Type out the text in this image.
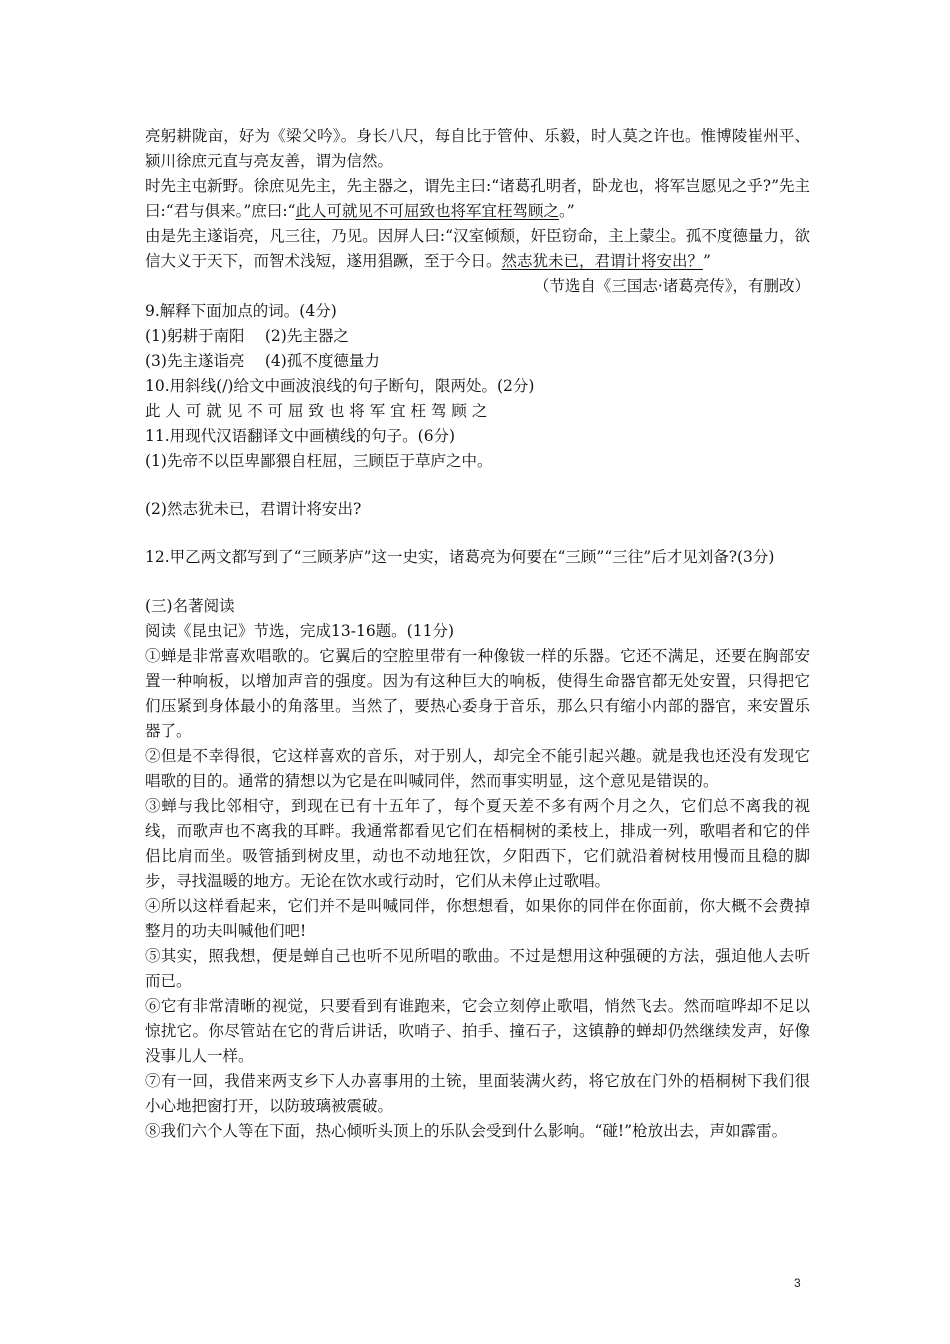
亮躬耕陇亩，好为《梁父吟》。身长八尺，每自比于管仲、乐毅，时人莫之许也。惟博陵崔州平、颍川徐庶元直与亮友善，谓为信然。

时先主屯新野。徐庶见先主，先主器之，谓先主曰:“诸葛孔明者，卧龙也，将军岂愿见之乎?”先主曰:“君与俱来。”庶曰:“此人可就见不可屈致也将军宜枉驾顾之。”

由是先主遂诣亮，凡三往，乃见。因屏人曰:“汉室倾颓，奸臣窃命，主上蒙尘。孤不度德量力，欲信大义于天下，而智术浅短，遂用猖蹶，至于今日。然志犹未已，君谓计将安出？”

（节选自《三国志·诸葛亮传》，有删改）

9.解释下面加点的词。(4分)

(1)躬耕于南阳　 (2)先主器之

(3)先主遂诣亮　 (4)孤不度德量力

10.用斜线(/)给文中画波浪线的句子断句，限两处。(2分)

此 人 可 就 见 不 可 屈 致 也 将 军 宜 枉 驾 顾 之

11.用现代汉语翻译文中画横线的句子。(6分)

(1)先帝不以臣卑鄙猥自枉屈，三顾臣于草庐之中。

(2)然志犹未已，君谓计将安出?

12.甲乙两文都写到了“三顾茅庐”这一史实，诸葛亮为何要在“三顾”“三往”后才见刘备?(3分)

(三)名著阅读

阅读《昆虫记》节选，完成13-16题。(11分)

①蝉是非常喜欢唱歌的。它翼后的空腔里带有一种像钹一样的乐器。它还不满足，还要在胸部安置一种响板，以增加声音的强度。因为有这种巨大的响板，使得生命器官都无处安置，只得把它们压紧到身体最小的角落里。当然了，要热心委身于音乐，那么只有缩小内部的器官，来安置乐器了。

②但是不幸得很，它这样喜欢的音乐，对于别人，却完全不能引起兴趣。就是我也还没有发现它唱歌的目的。通常的猜想以为它是在叫喊同伴，然而事实明显，这个意见是错误的。

③蝉与我比邻相守，到现在已有十五年了，每个夏天差不多有两个月之久，它们总不离我的视线，而歌声也不离我的耳畔。我通常都看见它们在梧桐树的柔枝上，排成一列，歌唱者和它的伴侣比肩而坐。吸管插到树皮里，动也不动地狂饮，夕阳西下，它们就沿着树枝用慢而且稳的脚步，寻找温暖的地方。无论在饮水或行动时，它们从未停止过歌唱。

④所以这样看起来，它们并不是叫喊同伴，你想想看，如果你的同伴在你面前，你大概不会费掉整月的功夫叫喊他们吧!

⑤其实，照我想，便是蝉自己也听不见所唱的歌曲。不过是想用这种强硬的方法，强迫他人去听而已。

⑥它有非常清晰的视觉，只要看到有谁跑来，它会立刻停止歌唱，悄然飞去。然而喧哗却不足以惊扰它。你尽管站在它的背后讲话，吹哨子、拍手、撞石子，这镇静的蝉却仍然继续发声，好像没事儿人一样。

⑦有一回，我借来两支乡下人办喜事用的土铳，里面装满火药，将它放在门外的梧桐树下我们很小心地把窗打开，以防玻璃被震破。

⑧我们六个人等在下面，热心倾听头顶上的乐队会受到什么影响。“碰!”枪放出去，声如霹雷。

3
